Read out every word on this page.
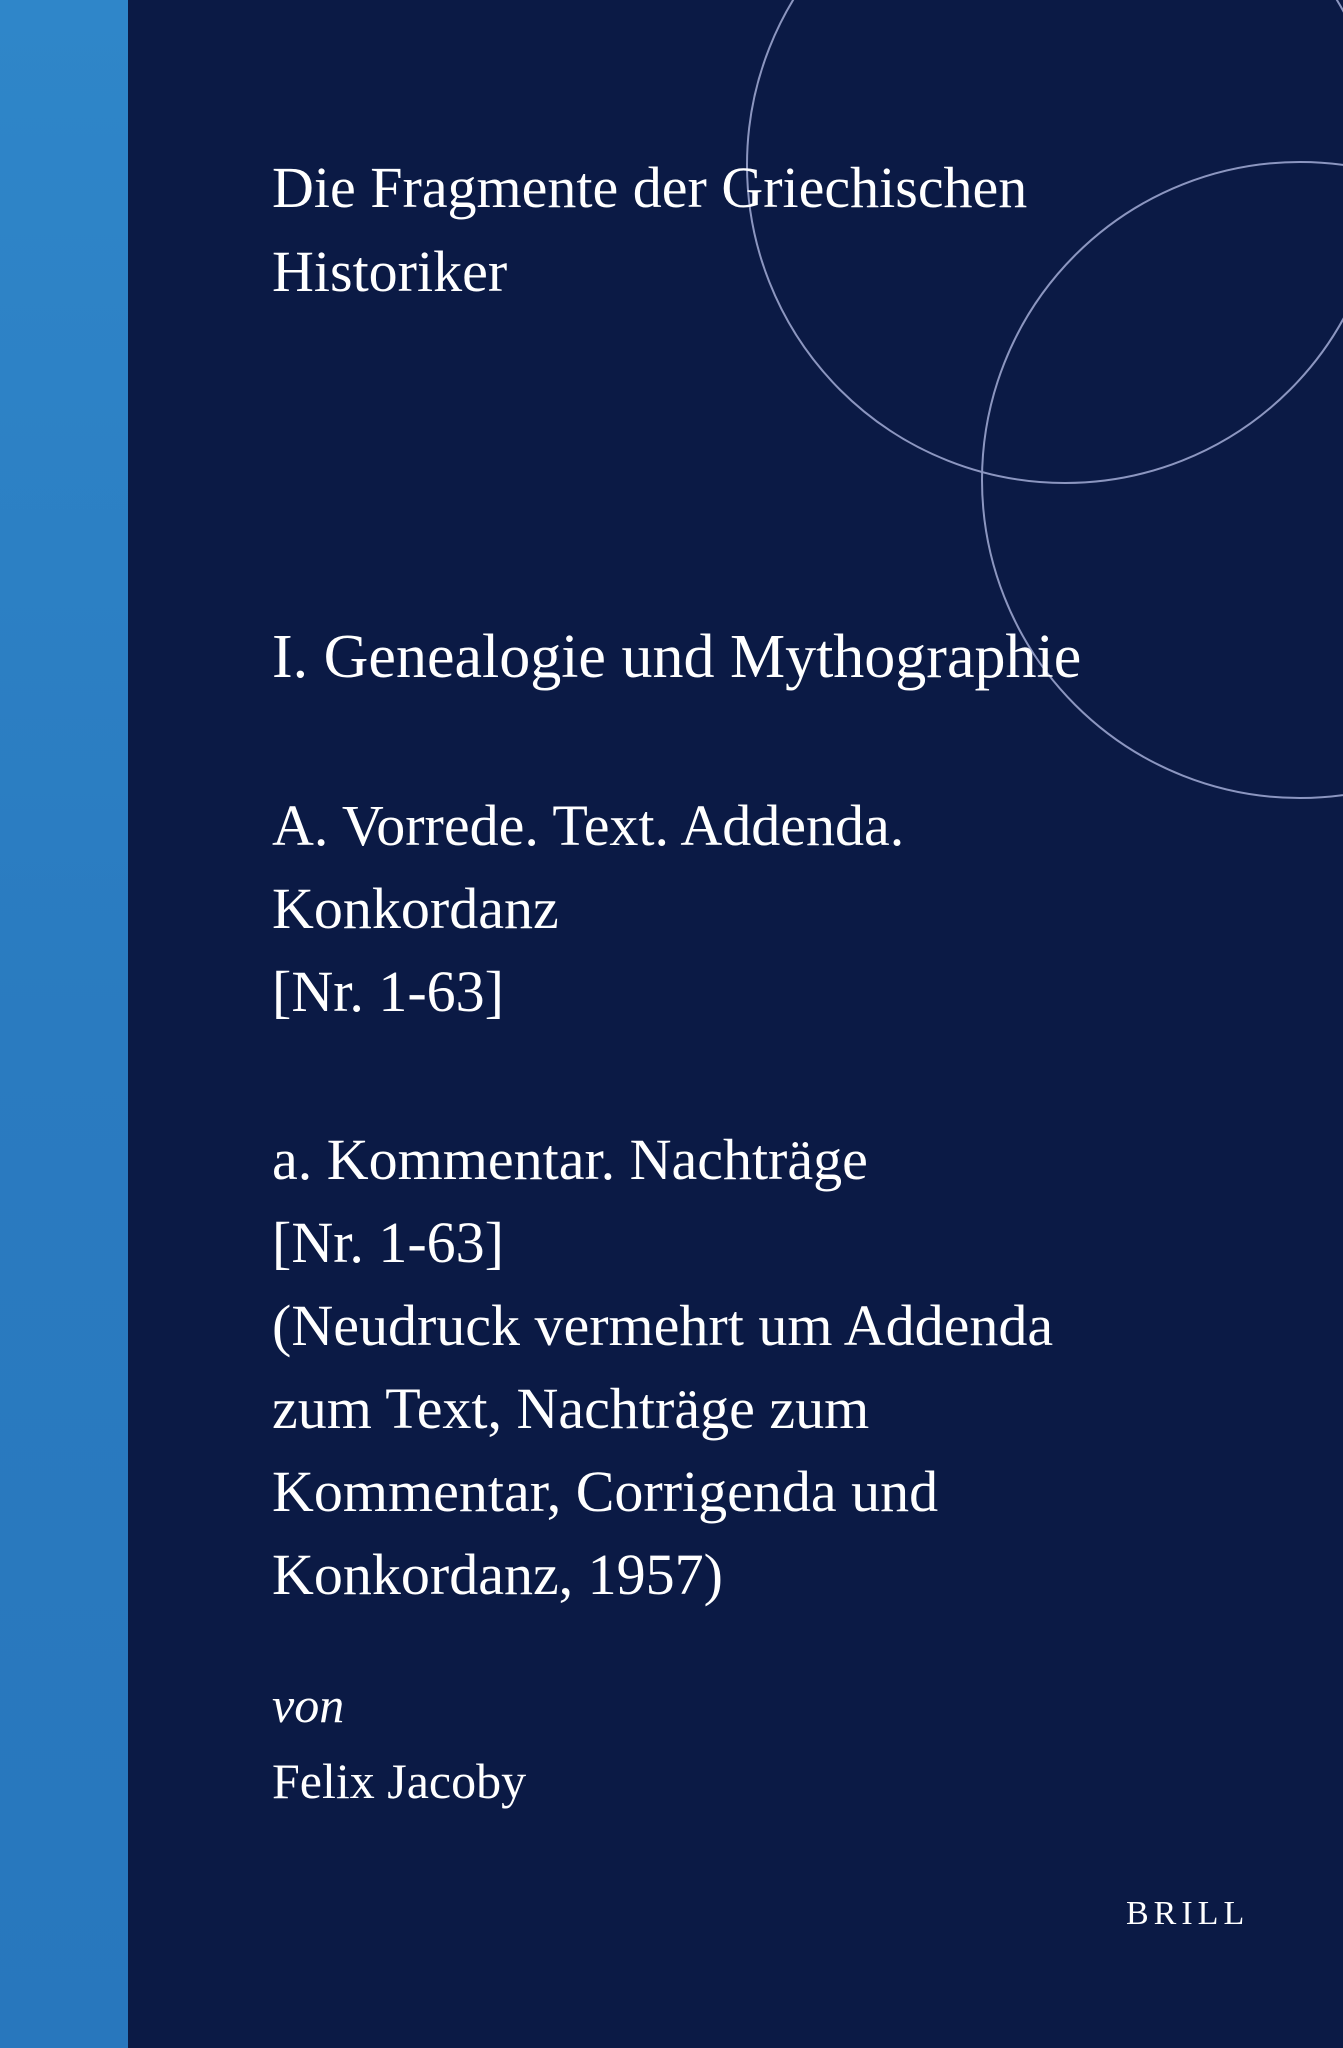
Die Fragmente der Griechischen
Historiker
I. Genealogie und Mythographie
A. Vorrede. Text. Addenda.
Konkordanz
[Nr. 1-63]
a. Kommentar. Nachträge
[Nr. 1-63]
(Neudruck vermehrt um Addenda
zum Text, Nachträge zum
Kommentar, Corrigenda und
Konkordanz, 1957)
von
Felix Jacoby
BRILL
